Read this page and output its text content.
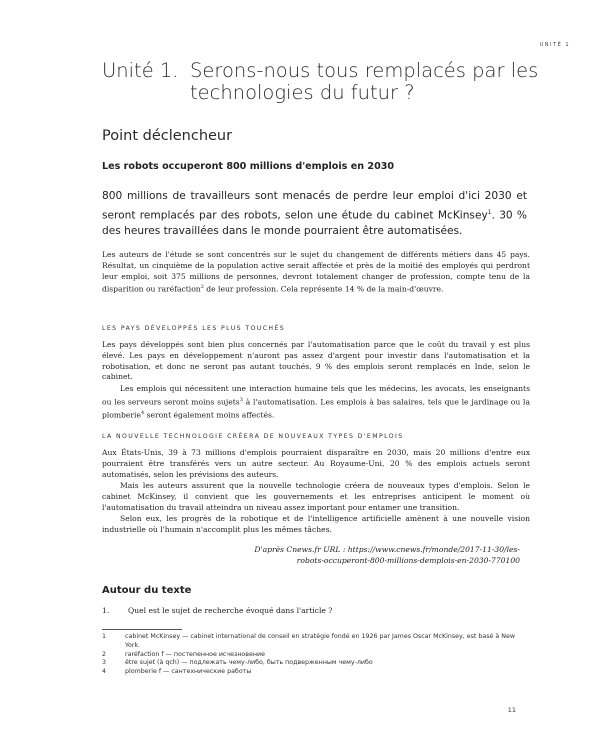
UNITÉ 1
Unité 1. Serons-nous tous remplacés par les technologies du futur ?
Point déclencheur
Les robots occuperont 800 millions d'emplois en 2030
800 millions de travailleurs sont menacés de perdre leur emploi d'ici 2030 et seront remplacés par des robots, selon une étude du cabinet McKinsey$^1$. 30 % des heures travaillées dans le monde pourraient être automatisées.
Les auteurs de l'étude se sont concentrés sur le sujet du changement de différents métiers dans 45 pays. Résultat, un cinquième de la population active serait affectée et près de la moitié des employés qui perdront leur emploi, soit 375 millions de personnes, devront totalement changer de profession, compte tenu de la disparition ou raréfaction$^2$ de leur profession. Cela représente 14 % de la main-d'œuvre.
LES PAYS DÉVELOPPÉS LES PLUS TOUCHÉS
Les pays développés sont bien plus concernés par l'automatisation parce que le coût du travail y est plus élevé. Les pays en développement n'auront pas assez d'argent pour investir dans l'automatisation et la robotisation, et donc ne seront pas autant touchés. 9 % des emplois seront remplacés en Inde, selon le cabinet.
Les emplois qui nécessitent une interaction humaine tels que les médecins, les avocats, les enseignants ou les serveurs seront moins sujets$^3$ à l'automatisation. Les emplois à bas salaires, tels que le jardinage ou la plomberie$^4$ seront également moins affectés.
LA NOUVELLE TECHNOLOGIE CRÉERA DE NOUVEAUX TYPES D'EMPLOIS
Aux États-Unis, 39 à 73 millions d'emplois pourraient disparaître en 2030, mais 20 millions d'entre eux pourraient être transférés vers un autre secteur. Au Royaume-Uni, 20 % des emplois actuels seront automatisés, selon les prévisions des auteurs.
Mais les auteurs assurent que la nouvelle technologie créera de nouveaux types d'emplois. Selon le cabinet McKinsey, il convient que les gouvernements et les entreprises anticipent le moment où l'automatisation du travail atteindra un niveau assez important pour entamer une transition.
Selon eux, les progrès de la robotique et de l'intelligence artificielle amènent à une nouvelle vision industrielle où l'humain n'accomplit plus les mêmes tâches.
D'après Cnews.fr URL : https://www.cnews.fr/monde/2017-11-30/les-robots-occuperont-800-millions-demplois-en-2030-770100
Autour du texte
1.	Quel est le sujet de recherche évoqué dans l'article ?
1	cabinet McKinsey — cabinet international de conseil en stratégie fondé en 1926 par James Oscar McKinsey, est basé à New York.
2	raréfaction f — постепенное исчезновение
3	être sujet (à qch) — подлежать чему-либо, быть подверженным чему-либо
4	plomberie f — сантехнические работы
11
